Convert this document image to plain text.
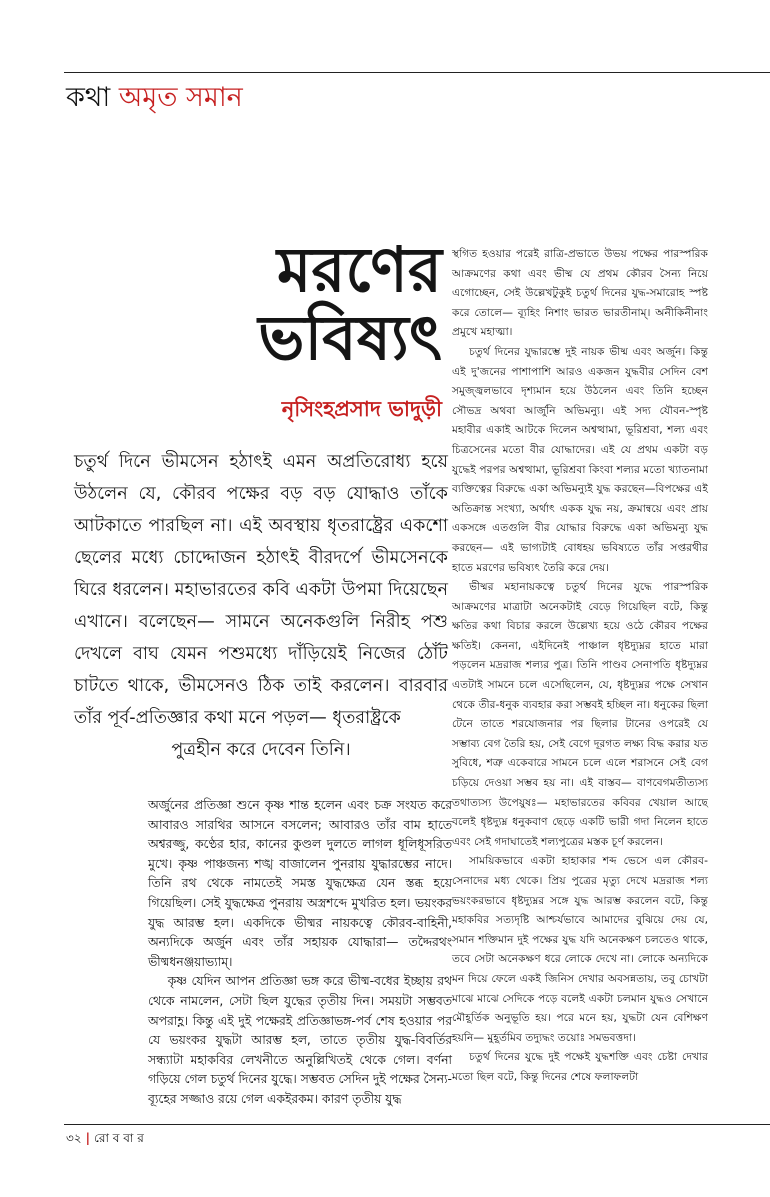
কথা অমৃত সমান
মরণের
ভবিষ্যৎ
নৃসিংহপ্রসাদ ভাদুড়ী

চতুর্থ দিনে ভীমসেন হঠাৎই এমন অপ্রতিরোধ্য হয়ে উঠলেন যে, কৌরব পক্ষের বড় বড় যোদ্ধাও তাঁকে আটকাতে পারছিল না। এই অবস্থায় ধৃতরাষ্ট্রের একশো ছেলের মধ্যে চোদ্দোজন হঠাৎই বীরদর্পে ভীমসেনকে ঘিরে ধরলেন। মহাভারতের কবি একটা উপমা দিয়েছেন এখানে। বলেছেন— সামনে অনেকগুলি নিরীহ পশু দেখলে বাঘ যেমন পশুমধ্যে দাঁড়িয়েই নিজের ঠোঁট চাটতে থাকে, ভীমসেনও ঠিক তাই করলেন। বারবার তাঁর পূর্ব-প্রতিজ্ঞার কথা মনে পড়ল— ধৃতরাষ্ট্রকে
পুত্রহীন করে দেবেন তিনি।

অর্জুনের প্রতিজ্ঞা শুনে কৃষ্ণ শান্ত হলেন এবং চক্র সংযত করে আবারও সারথির আসনে বসলেন; আবারও তাঁর বাম হাতে অশ্বরজ্জু, কণ্ঠের হার, কানের কুণ্ডল দুলতে লাগল ধূলিধূসরিত মুখে। কৃষ্ণ পাঞ্চজন্য শঙ্খ বাজালেন পুনরায় যুদ্ধারম্ভের নাদে। তিনি রথ থেকে নামতেই সমস্ত যুদ্ধক্ষেত্র যেন স্তব্ধ হয়ে গিয়েছিল। সেই যুদ্ধক্ষেত্র পুনরায় অস্ত্রশব্দে মুখরিত হল। ভয়ংকর যুদ্ধ আরম্ভ হল। একদিকে ভীষ্মর নায়কত্বে কৌরব-বাহিনী, অন্যদিকে অর্জুন এবং তাঁর সহায়ক যোদ্ধারা— তদ্দৈরথং ভীষ্মধনঞ্জয়াভ্যাম্।

কৃষ্ণ যেদিন আপন প্রতিজ্ঞা ভঙ্গ করে ভীষ্ম-বধের ইচ্ছায় রথ থেকে নামলেন, সেটা ছিল যুদ্ধের তৃতীয় দিন। সময়টা সম্ভবত অপরাহ্ণ। কিন্তু এই দুই পক্ষেরই প্রতিজ্ঞাভঙ্গ-পর্ব শেষ হওয়ার পর যে ভয়ংকর যুদ্ধটা আরম্ভ হল, তাতে তৃতীয় যুদ্ধ-বিবর্তির সন্ধ্যাটা মহাকবির লেখনীতে অনুল্লিখিতই থেকে গেল। বর্ণনা গড়িয়ে গেল চতুর্থ দিনের যুদ্ধে। সম্ভবত সেদিন দুই পক্ষের সৈন্য-ব্যূহের সজ্জাও রয়ে গেল একইরকম। কারণ তৃতীয় যুদ্ধ

স্থগিত হওয়ার পরেই রাত্রি-প্রভাতে উভয় পক্ষের পারস্পরিক আক্রমণের কথা এবং ভীষ্ম যে প্রথম কৌরব সৈন্য নিয়ে এগোচ্ছেন, সেই উল্লেখটুকুই চতুর্থ দিনের যুদ্ধ-সমারোহ স্পষ্ট করে তোলে— ব্যূহিং নিশাং ভারত ভারতীনাম্। অনীকিনীনাং প্রমুখে মহাত্মা।

চতুর্থ দিনের যুদ্ধারম্ভে দুই নায়ক ভীষ্ম এবং অর্জুন। কিন্তু এই দু'জনের পাশাপাশি আরও একজন যুদ্ধবীর সেদিন বেশ সমুজ্জ্বলভাবে দৃশ্যমান হয়ে উঠলেন এবং তিনি হচ্ছেন সৌভদ্র অথবা আর্জুনি অভিমন্যু। এই সদ্য যৌবন-স্পৃষ্ট মহাবীর একাই আটকে দিলেন অশ্বত্থামা, ভূরিশ্রবা, শল্য এবং চিত্রসেনের মতো বীর যোদ্ধাদের। এই যে প্রথম একটা বড় যুদ্ধেই পরপর অশ্বত্থামা, ভূরিশ্রবা কিংবা শল্যর মতো খ্যাতনামা ব্যক্তিত্বের বিরুদ্ধে একা অভিমন্যুই যুদ্ধ করছেন—বিপক্ষের এই অতিক্রান্ত সংখ্যা, অর্থাৎ একক যুদ্ধ নয়, ক্রমান্বয়ে এবং প্রায় একসঙ্গে এতগুলি বীর যোদ্ধার বিরুদ্ধে একা অভিমন্যু যুদ্ধ করছেন— এই ভাগ্যটাই বোধহয় ভবিষ্যতে তাঁর সপ্তরথীর হাতে মরণের ভবিষ্যৎ তৈরি করে দেয়।

ভীষ্মর মহানায়কত্বে চতুর্থ দিনের যুদ্ধে পারস্পরিক আক্রমণের মাত্রাটা অনেকটাই বেড়ে গিয়েছিল বটে, কিন্তু ক্ষতির কথা বিচার করলে উল্লেখ্য হয়ে ওঠে কৌরব পক্ষের ক্ষতিই। কেননা, এইদিনেই পাঞ্চাল ধৃষ্টদ্যুম্নর হাতে মারা পড়লেন মদ্ররাজ শল্যর পুত্র। তিনি পাণ্ডব সেনাপতি ধৃষ্টদ্যুম্নর এতটাই সামনে চলে এসেছিলেন, যে, ধৃষ্টদ্যুম্নর পক্ষে সেখান থেকে তীর-ধনুক ব্যবহার করা সম্ভবই হচ্ছিল না। ধনুকের ছিলা টেনে তাতে শরযোজনার পর ছিলার টানের ওপরেই যে সম্ভাব্য বেগ তৈরি হয়, সেই বেগে দূরগত লক্ষ্য বিদ্ধ করার যত সুবিধে, শত্রু একেবারে সামনে চলে এলে শরাসনে সেই বেগ চড়িয়ে দেওয়া সম্ভব হয় না। এই বাস্তব— বাণবেগমতীত্যস্য তথাত্যস্য উপেয়ুষঃ— মহাভারতের কবিবর খেয়াল আছে বলেই ধৃষ্টদ্যুম্ন ধনুকবাণ ছেড়ে একটি ভারী গদা নিলেন হাতে এবং সেই গদাঘাতেই শল্যপুত্রের মস্তক চূর্ণ করলেন।

সাময়িকভাবে একটা হাহাকার শব্দ ভেসে এল কৌরব-সেনাদের মধ্য থেকে। প্রিয় পুত্রের মৃত্যু দেখে মদ্ররাজ শল্য ভয়ংকরভাবে ধৃষ্টদ্যুম্নর সঙ্গে যুদ্ধ আরম্ভ করলেন বটে, কিন্তু মহাকবির সত্যদৃষ্টি আশ্চর্যভাবে আমাদের বুঝিয়ে দেয় যে, সমান শক্তিমান দুই পক্ষের যুদ্ধ যদি অনেকক্ষণ চলতেও থাকে, তবে সেটা অনেকক্ষণ ধরে লোকে দেখে না। লোকে অন্যদিকে মন দিয়ে ফেলে একই জিনিস দেখার অবসন্নতায়, তবু চোখটা মাঝে মাঝে সেদিকে পড়ে বলেই একটা চলমান যুদ্ধও সেখানে মৌহূর্তিক অনুভূতি হয়। পরে মনে হয়, যুদ্ধটা যেন বেশিক্ষণ হয়নি— মুহূর্তমিব তদ্যুদ্ধং তয়োঃ সমভবত্তদা।

চতুর্থ দিনের যুদ্ধে দুই পক্ষেই যুদ্ধশক্তি এবং চেষ্টা দেখার মতো ছিল বটে, কিন্তু দিনের শেষে ফলাফলটা

৩২ | রো ব বা র
